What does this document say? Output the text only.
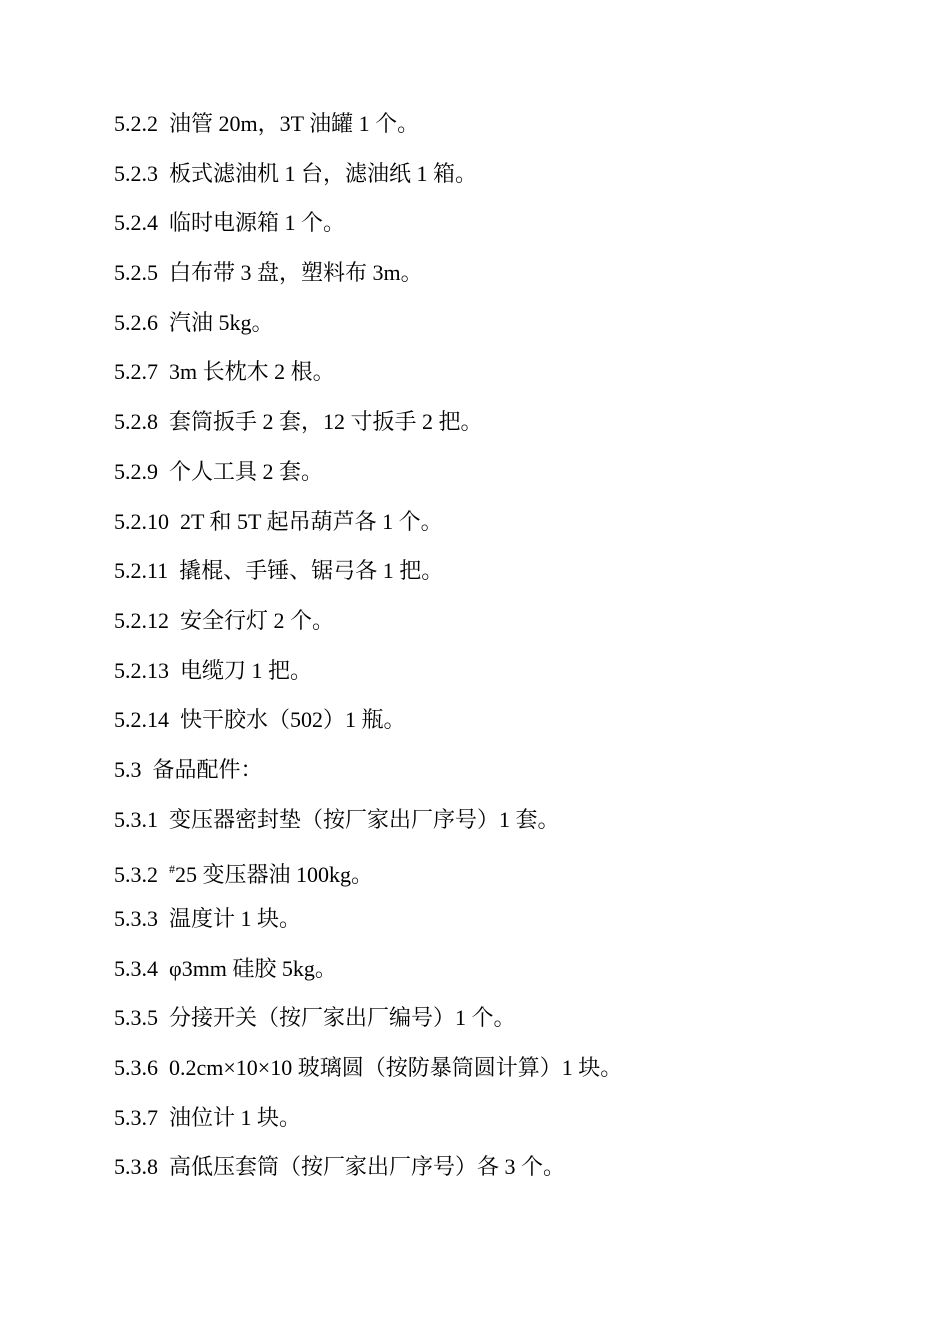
5.2.2 油管 20m，3T 油罐 1 个。
5.2.3 板式滤油机 1 台，滤油纸 1 箱。
5.2.4 临时电源箱 1 个。
5.2.5 白布带 3 盘，塑料布 3m。
5.2.6 汽油 5kg。
5.2.7 3m 长枕木 2 根。
5.2.8 套筒扳手 2 套，12 寸扳手 2 把。
5.2.9 个人工具 2 套。
5.2.10 2T 和 5T 起吊葫芦各 1 个。
5.2.11 撬棍、手锤、锯弓各 1 把。
5.2.12 安全行灯 2 个。
5.2.13 电缆刀 1 把。
5.2.14 快干胶水（502）1 瓶。
5.3 备品配件：
5.3.1 变压器密封垫（按厂家出厂序号）1 套。
5.3.2 #25 变压器油 100kg。
5.3.3 温度计 1 块。
5.3.4 φ3mm 硅胶 5kg。
5.3.5 分接开关（按厂家出厂编号）1 个。
5.3.6 0.2cm×10×10 玻璃圆（按防暴筒圆计算）1 块。
5.3.7 油位计 1 块。
5.3.8 高低压套筒（按厂家出厂序号）各 3 个。
